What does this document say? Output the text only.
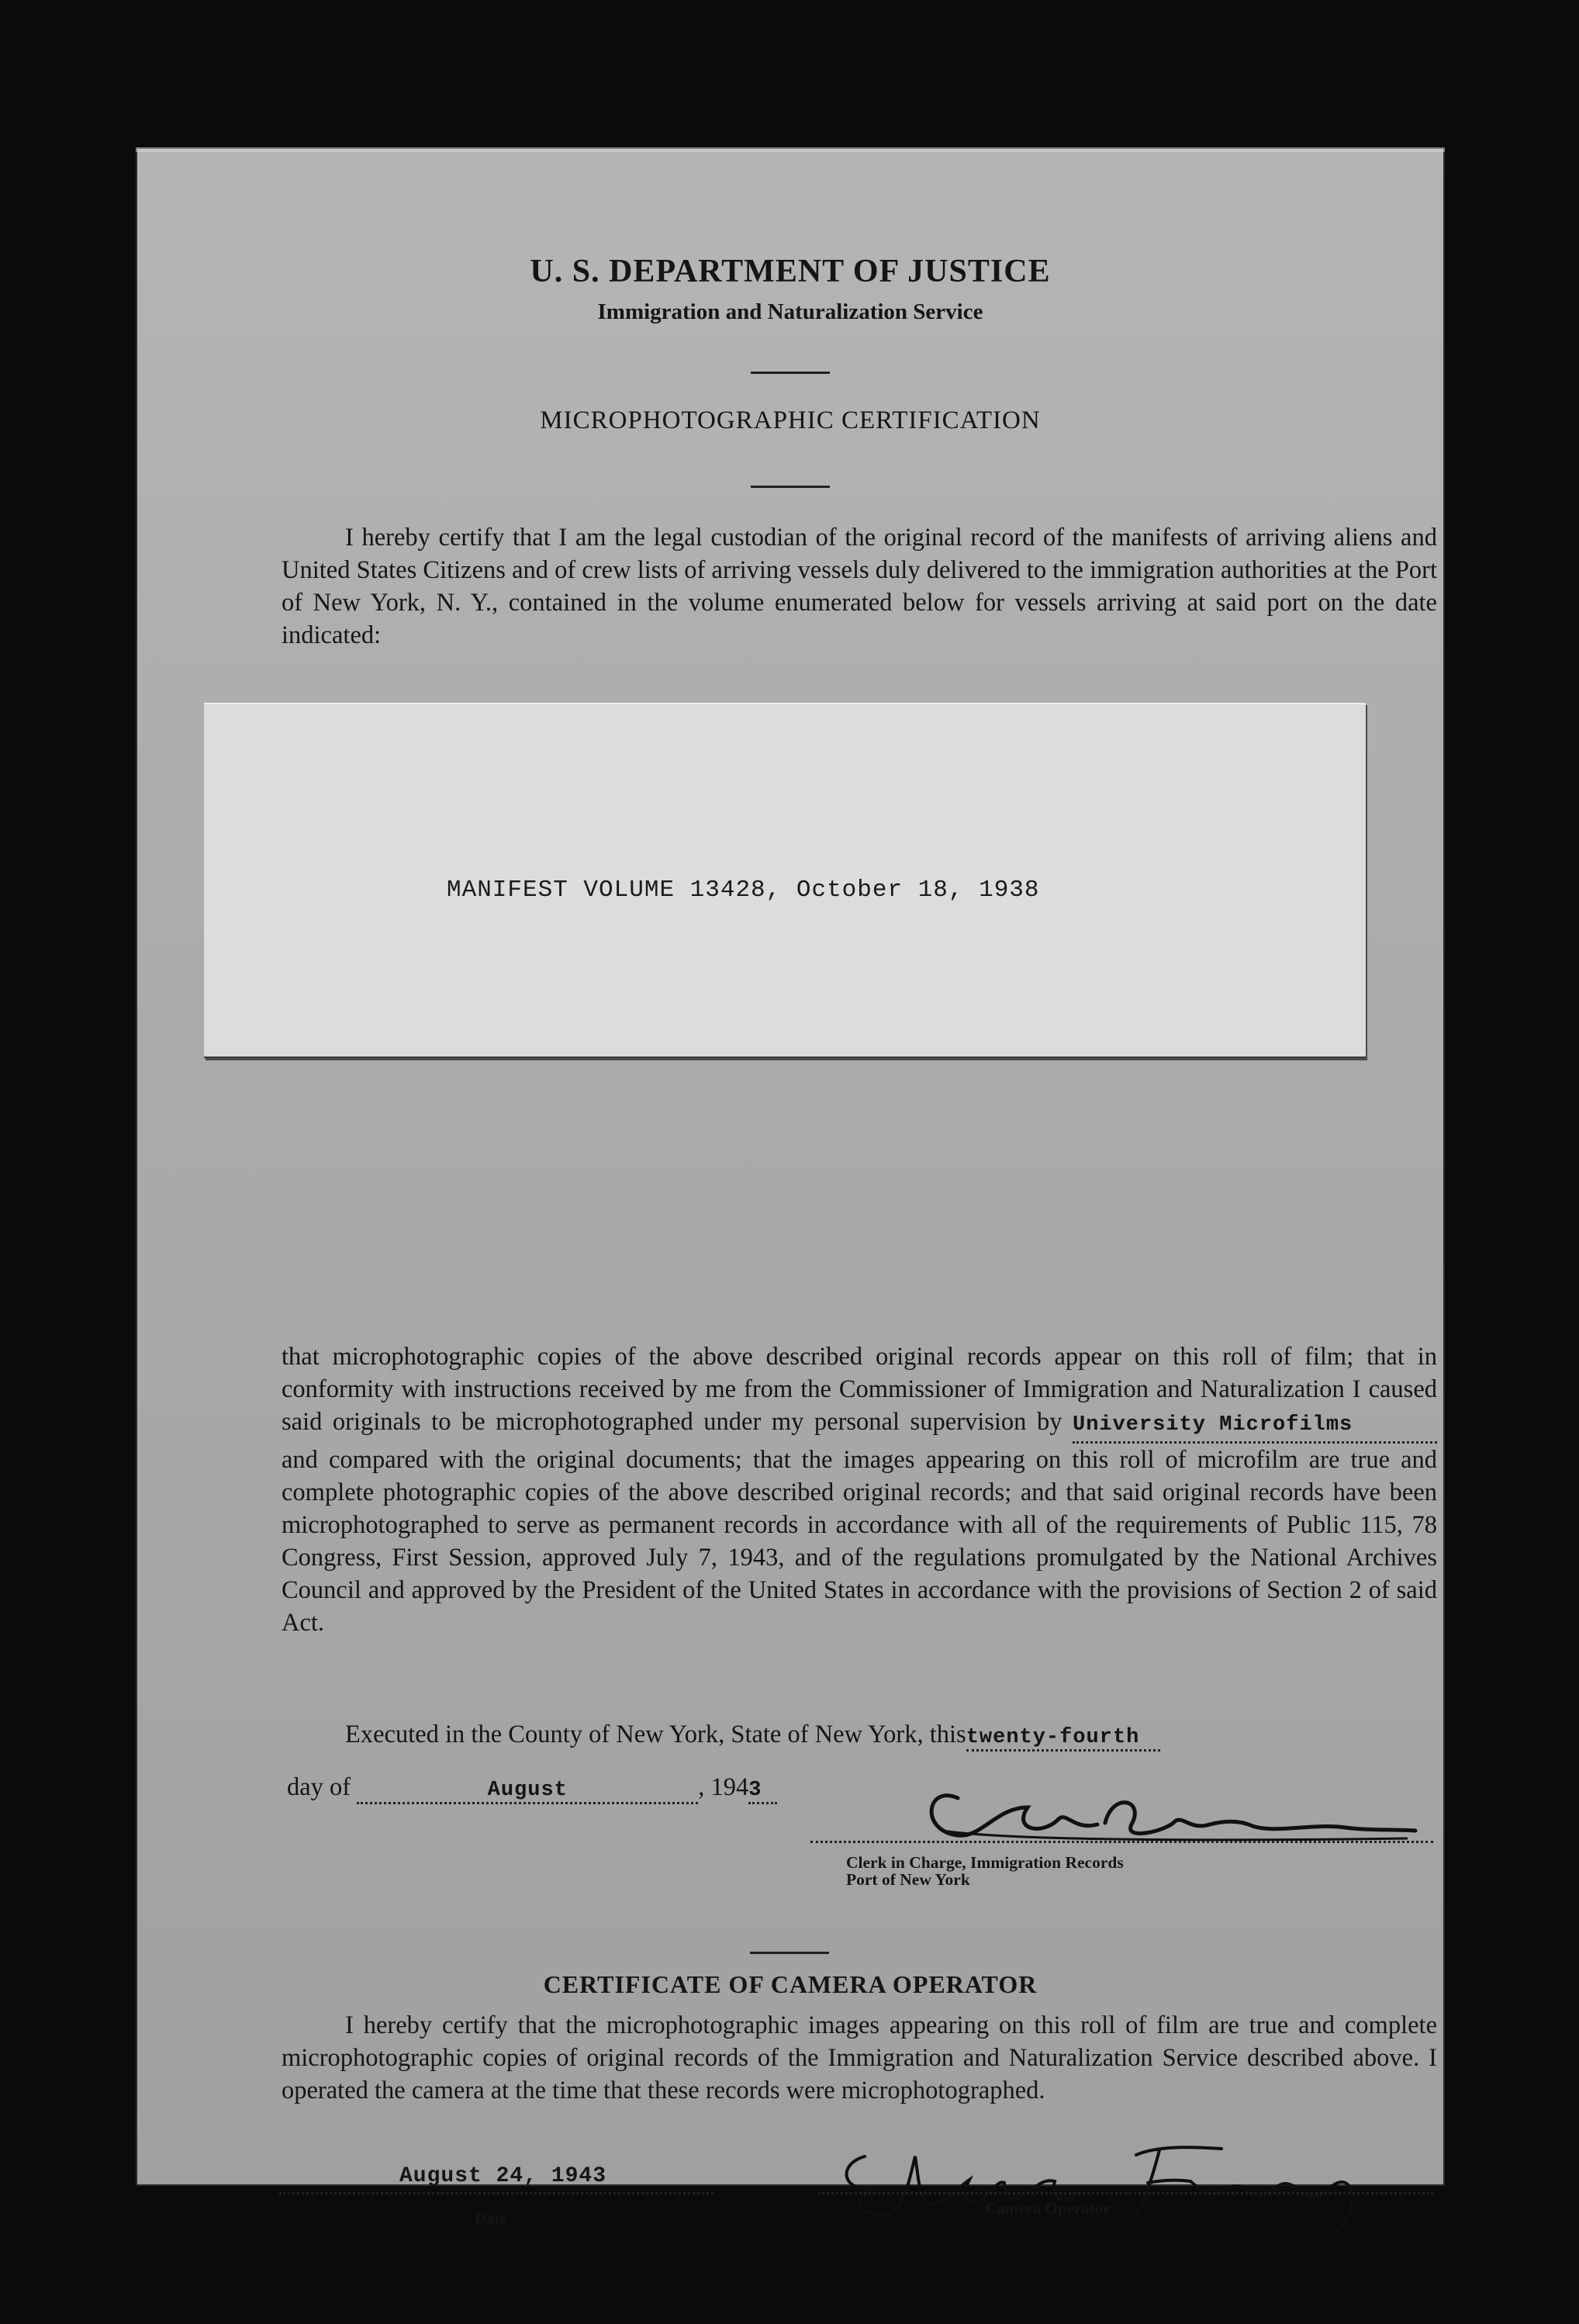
U. S. DEPARTMENT OF JUSTICE
Immigration and Naturalization Service
MICROPHOTOGRAPHIC CERTIFICATION
I hereby certify that I am the legal custodian of the original record of the manifests of arriving aliens and United States Citizens and of crew lists of arriving vessels duly delivered to the immigration authorities at the Port of New York, N. Y., contained in the volume enumerated below for vessels arriving at said port on the date indicated:
that microphotographic copies of the above described original records appear on this roll of film; that in conformity with instructions received by me from the Commissioner of Immigration and Naturalization I caused said originals to be microphotographed under my personal supervision by University Microfilms and compared with the original documents; that the images appearing on this roll of microfilm are true and complete photographic copies of the above described original records; and that said original records have been microphotographed to serve as permanent records in accordance with all of the requirements of Public 115, 78 Congress, First Session, approved July 7, 1943, and of the regulations promulgated by the National Archives Council and approved by the President of the United States in accordance with the provisions of Section 2 of said Act.
Executed in the County of New York, State of New York, thistwenty-fourth
day of	August	, 1943
Clerk in Charge, Immigration Records
Port of New York
CERTIFICATE OF CAMERA OPERATOR
I hereby certify that the microphotographic images appearing on this roll of film are true and complete microphotographic copies of original records of the Immigration and Naturalization Service described above. I operated the camera at the time that these records were microphotographed.
August 24, 1943
Date
Camera Operator
MANIFEST VOLUME 13428, October 18, 1938
